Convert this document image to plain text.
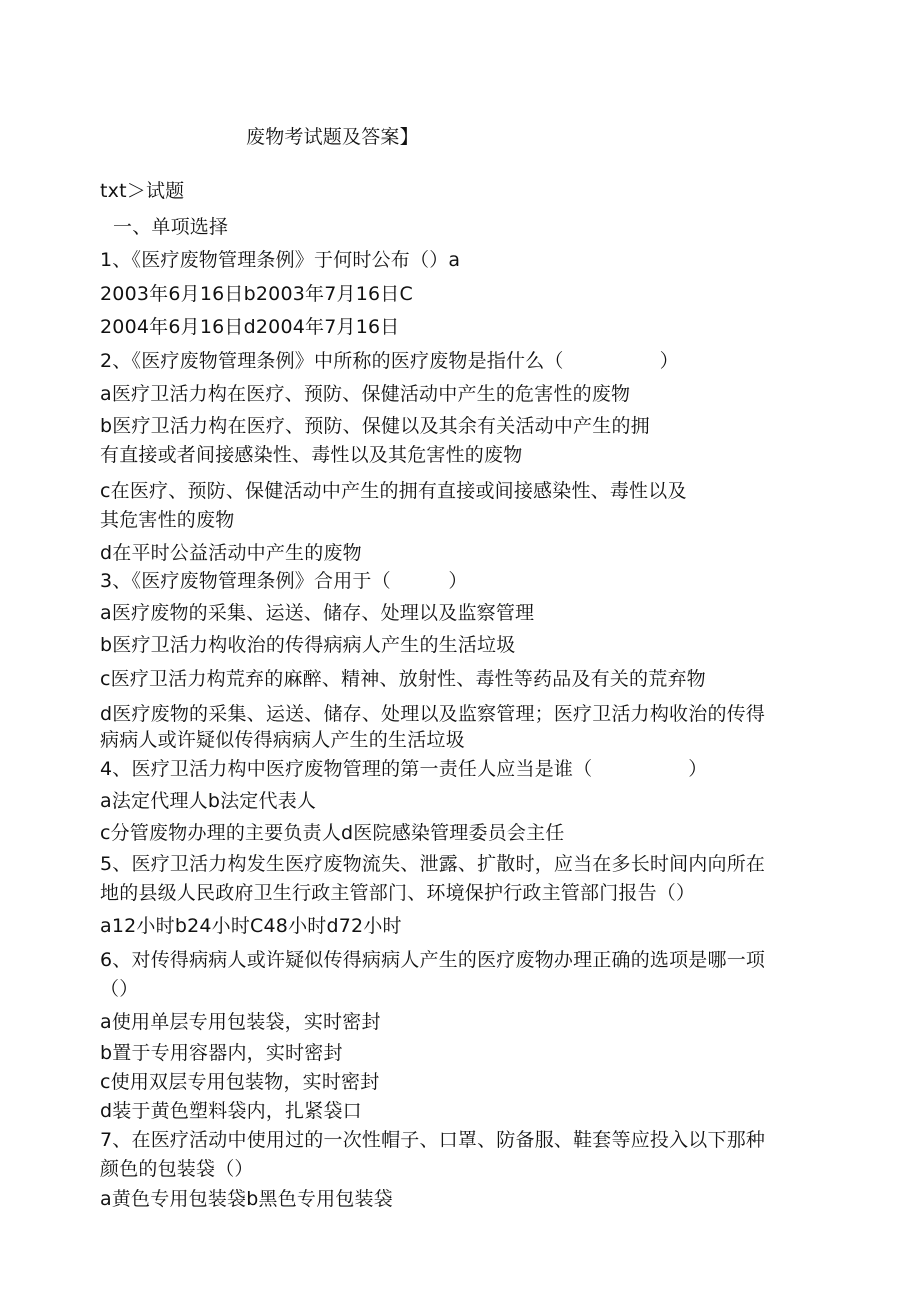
废物考试题及答案】
txt＞试题
一、单项选择
1、《医疗废物管理条例》于何时公布（）a
2003年6月16日b2003年7月16日C
2004年6月16日d2004年7月16日
2、《医疗废物管理条例》中所称的医疗废物是指什么（　　　　　）
a医疗卫活力构在医疗、预防、保健活动中产生的危害性的废物
b医疗卫活力构在医疗、预防、保健以及其余有关活动中产生的拥
有直接或者间接感染性、毒性以及其危害性的废物
c在医疗、预防、保健活动中产生的拥有直接或间接感染性、毒性以及
其危害性的废物
d在平时公益活动中产生的废物
3、《医疗废物管理条例》合用于（　　　）
a医疗废物的采集、运送、储存、处理以及监察管理
b医疗卫活力构收治的传得病病人产生的生活垃圾
c医疗卫活力构荒弃的麻醉、精神、放射性、毒性等药品及有关的荒弃物
d医疗废物的采集、运送、储存、处理以及监察管理；医疗卫活力构收治的传得
病病人或许疑似传得病病人产生的生活垃圾
4、医疗卫活力构中医疗废物管理的第一责任人应当是谁（　　　　　）
a法定代理人b法定代表人
c分管废物办理的主要负责人d医院感染管理委员会主任
5、医疗卫活力构发生医疗废物流失、泄露、扩散时，应当在多长时间内向所在
地的县级人民政府卫生行政主管部门、环境保护行政主管部门报告（）
a12小时b24小时C48小时d72小时
6、对传得病病人或许疑似传得病病人产生的医疗废物办理正确的选项是哪一项
（）
a使用单层专用包装袋，实时密封
b置于专用容器内，实时密封
c使用双层专用包装物，实时密封
d装于黄色塑料袋内，扎紧袋口
7、在医疗活动中使用过的一次性帽子、口罩、防备服、鞋套等应投入以下那种
颜色的包装袋（）
a黄色专用包装袋b黑色专用包装袋
